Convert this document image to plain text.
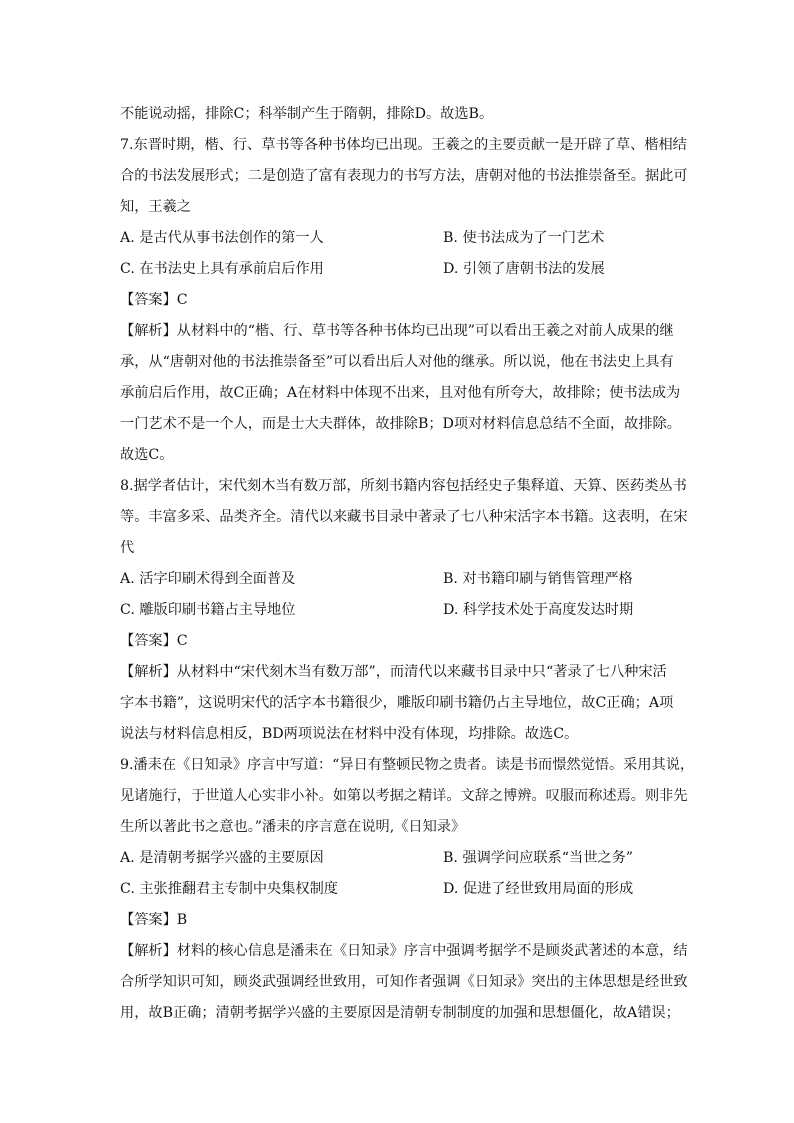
不能说动摇，排除C；科举制产生于隋朝，排除D。故选B。
7.东晋时期，楷、行、草书等各种书体均已出现。王羲之的主要贡献一是开辟了草、楷相结
合的书法发展形式；二是创造了富有表现力的书写方法，唐朝对他的书法推崇备至。据此可
知，王羲之
A. 是古代从事书法创作的第一人	B. 使书法成为了一门艺术
C. 在书法史上具有承前启后作用	D. 引领了唐朝书法的发展
【答案】C
【解析】从材料中的“楷、行、草书等各种书体均已出现”可以看出王羲之对前人成果的继
承，从“唐朝对他的书法推崇备至”可以看出后人对他的继承。所以说，他在书法史上具有
承前启后作用，故C正确；A在材料中体现不出来，且对他有所夸大，故排除；使书法成为
一门艺术不是一个人，而是士大夫群体，故排除B；D项对材料信息总结不全面，故排除。
故选C。
8.据学者估计，宋代刻木当有数万部，所刻书籍内容包括经史子集释道、天算、医药类丛书
等。丰富多采、品类齐全。清代以来藏书目录中著录了七八种宋活字本书籍。这表明，在宋
代
A. 活字印刷术得到全面普及	B. 对书籍印刷与销售管理严格
C. 雕版印刷书籍占主导地位	D. 科学技术处于高度发达时期
【答案】C
【解析】从材料中“宋代刻木当有数万部”，而清代以来藏书目录中只“著录了七八种宋活
字本书籍”，这说明宋代的活字本书籍很少，雕版印刷书籍仍占主导地位，故C正确；A项
说法与材料信息相反，BD两项说法在材料中没有体现，均排除。故选C。
9.潘耒在《日知录》序言中写道：“异日有整顿民物之贵者。读是书而憬然觉悟。采用其说，
见诸施行，于世道人心实非小补。如第以考据之精详。文辞之博辨。叹服而称述焉。则非先
生所以著此书之意也。”潘耒的序言意在说明,《日知录》
A. 是清朝考据学兴盛的主要原因	B. 强调学问应联系“当世之务”
C. 主张推翻君主专制中央集权制度	D. 促进了经世致用局面的形成
【答案】B
【解析】材料的核心信息是潘耒在《日知录》序言中强调考据学不是顾炎武著述的本意，结
合所学知识可知，顾炎武强调经世致用，可知作者强调《日知录》突出的主体思想是经世致
用，故B正确；清朝考据学兴盛的主要原因是清朝专制制度的加强和思想僵化，故A错误；
